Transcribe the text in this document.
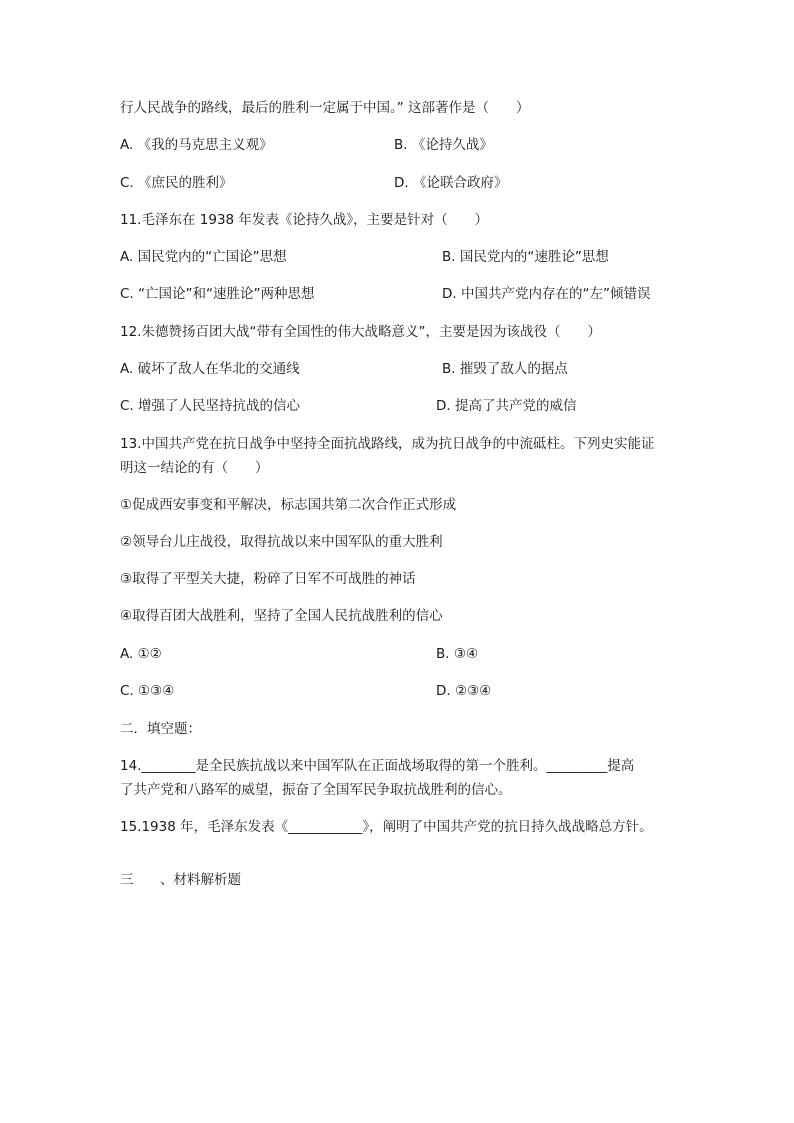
行人民战争的路线，最后的胜利一定属于中国。” 这部著作是（　　）
A. 《我的马克思主义观》	B. 《论持久战》
C. 《庶民的胜利》	D. 《论联合政府》
11.毛泽东在 1938 年发表《论持久战》，主要是针对（　　）
A. 国民党内的“亡国论”思想	B. 国民党内的“速胜论”思想
C. “亡国论”和“速胜论”两种思想	D. 中国共产党内存在的“左”倾错误
12.朱德赞扬百团大战“带有全国性的伟大战略意义”，主要是因为该战役（　　）
A. 破坏了敌人在华北的交通线	B. 摧毁了敌人的据点
C. 增强了人民坚持抗战的信心	D. 提高了共产党的威信
13.中国共产党在抗日战争中坚持全面抗战路线，成为抗日战争的中流砥柱。下列史实能证
明这一结论的有（　　）
①促成西安事变和平解决，标志国共第二次合作正式形成
②领导台儿庄战役，取得抗战以来中国军队的重大胜利
③取得了平型关大捷，粉碎了日军不可战胜的神话
④取得百团大战胜利，坚持了全国人民抗战胜利的信心
A. ①②	B. ③④
C. ①③④	D. ②③④
二．填空题：
14.________是全民族抗战以来中国军队在正面战场取得的第一个胜利。_________提高
了共产党和八路军的威望，振奋了全国军民争取抗战胜利的信心。
15.1938 年，毛泽东发表《___________》，阐明了中国共产党的抗日持久战战略总方针。
三 、材料解析题
